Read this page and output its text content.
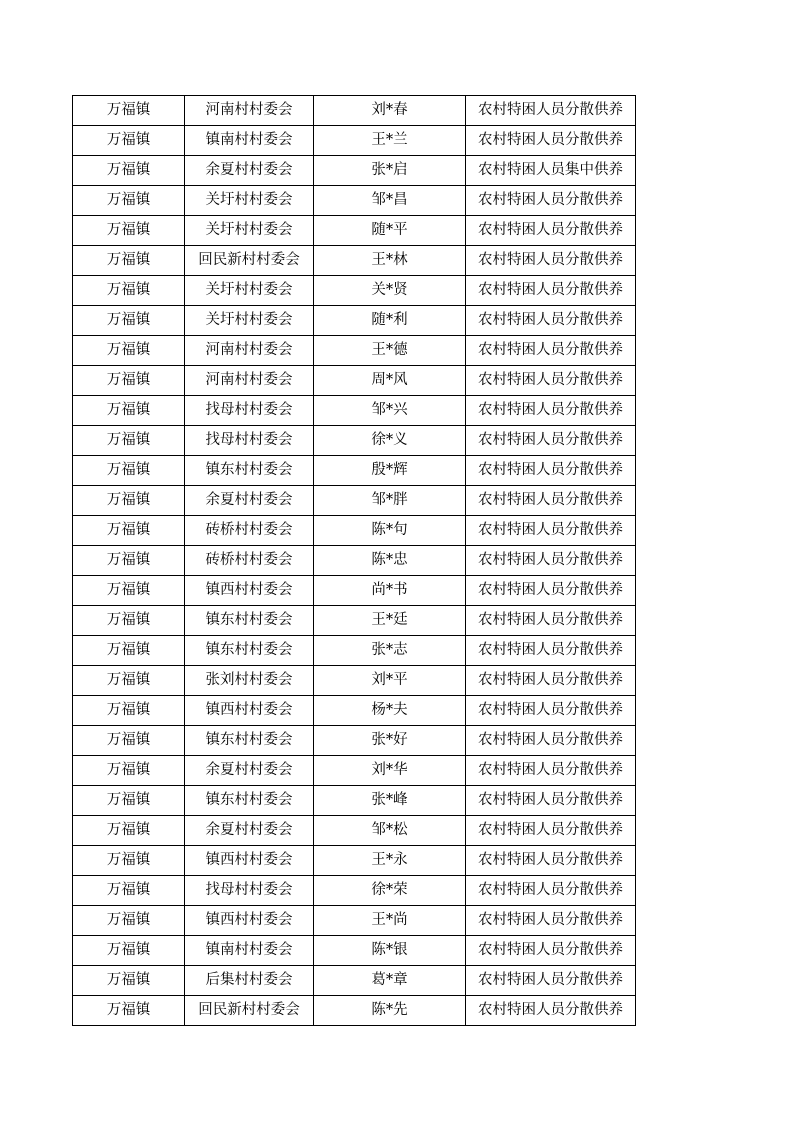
万福镇	河南村村委会	刘*春	农村特困人员分散供养
万福镇	镇南村村委会	王*兰	农村特困人员分散供养
万福镇	余夏村村委会	张*启	农村特困人员集中供养
万福镇	关圩村村委会	邹*昌	农村特困人员分散供养
万福镇	关圩村村委会	随*平	农村特困人员分散供养
万福镇	回民新村村委会	王*林	农村特困人员分散供养
万福镇	关圩村村委会	关*贤	农村特困人员分散供养
万福镇	关圩村村委会	随*利	农村特困人员分散供养
万福镇	河南村村委会	王*德	农村特困人员分散供养
万福镇	河南村村委会	周*风	农村特困人员分散供养
万福镇	找母村村委会	邹*兴	农村特困人员分散供养
万福镇	找母村村委会	徐*义	农村特困人员分散供养
万福镇	镇东村村委会	殷*辉	农村特困人员分散供养
万福镇	余夏村村委会	邹*胖	农村特困人员分散供养
万福镇	砖桥村村委会	陈*句	农村特困人员分散供养
万福镇	砖桥村村委会	陈*忠	农村特困人员分散供养
万福镇	镇西村村委会	尚*书	农村特困人员分散供养
万福镇	镇东村村委会	王*廷	农村特困人员分散供养
万福镇	镇东村村委会	张*志	农村特困人员分散供养
万福镇	张刘村村委会	刘*平	农村特困人员分散供养
万福镇	镇西村村委会	杨*夫	农村特困人员分散供养
万福镇	镇东村村委会	张*好	农村特困人员分散供养
万福镇	余夏村村委会	刘*华	农村特困人员分散供养
万福镇	镇东村村委会	张*峰	农村特困人员分散供养
万福镇	余夏村村委会	邹*松	农村特困人员分散供养
万福镇	镇西村村委会	王*永	农村特困人员分散供养
万福镇	找母村村委会	徐*荣	农村特困人员分散供养
万福镇	镇西村村委会	王*尚	农村特困人员分散供养
万福镇	镇南村村委会	陈*银	农村特困人员分散供养
万福镇	后集村村委会	葛*章	农村特困人员分散供养
万福镇	回民新村村委会	陈*先	农村特困人员分散供养
